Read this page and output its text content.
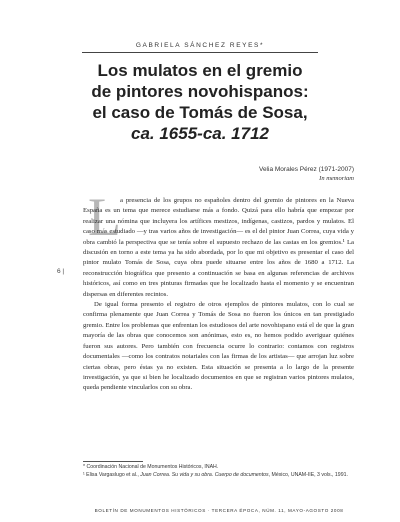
GABRIELA SÁNCHEZ REYES*
Los mulatos en el gremio
de pintores novohispanos:
el caso de Tomás de Sosa,
ca. 1655-ca. 1712
Velia Morales Pérez (1971-2007)
In memoriam
L a presencia de los grupos no españoles dentro del gremio de pintores en la Nueva España es un tema que merece estudiarse más a fondo. Quizá para ello habría que empezar por realizar una nómina que incluyera los artífices mestizos, indígenas, castizos, pardos y mulatos. El caso más estudiado —y tras varios años de investigación— es el del pintor Juan Correa, cuya vida y obra cambió la perspectiva que se tenía sobre el supuesto rechazo de las castas en los gremios.¹ La discusión en torno a este tema ya ha sido abordada, por lo que mi objetivo es presentar el caso del pintor mulato Tomás de Sosa, cuya obra puede situarse entre los años de 1680 a 1712. La reconstrucción biográfica que presento a continuación se basa en algunas referencias de archivos históricos, así como en tres pinturas firmadas que he localizado hasta el momento y se encuentran dispersas en diferentes recintos.

De igual forma presento el registro de otros ejemplos de pintores mulatos, con lo cual se confirma plenamente que Juan Correa y Tomás de Sosa no fueron los únicos en tan prestigiado gremio. Entre los problemas que enfrentan los estudiosos del arte novohispano está el de que la gran mayoría de las obras que conocemos son anónimas, esto es, no hemos podido averiguar quiénes fueron sus autores. Pero también con frecuencia ocurre lo contrario: contamos con registros documentales —como los contratos notariales con las firmas de los artistas— que arrojan luz sobre ciertas obras, pero éstas ya no existen. Esta situación se presenta a lo largo de la presente investigación, ya que si bien he localizado documentos en que se registran varios pintores mulatos, queda pendiente vincularlos con su obra.

6 |

* Coordinación Nacional de Monumentos Históricos, INAH.

¹ Elisa Vargaslugo et al., Juan Correa. Su vida y su obra. Cuerpo de documentos, México, UNAM-IIE, 3 vols., 1991.

BOLETÍN DE MONUMENTOS HISTÓRICOS · TERCERA ÉPOCA, NÚM. 11, MAYO-AGOSTO 2008
